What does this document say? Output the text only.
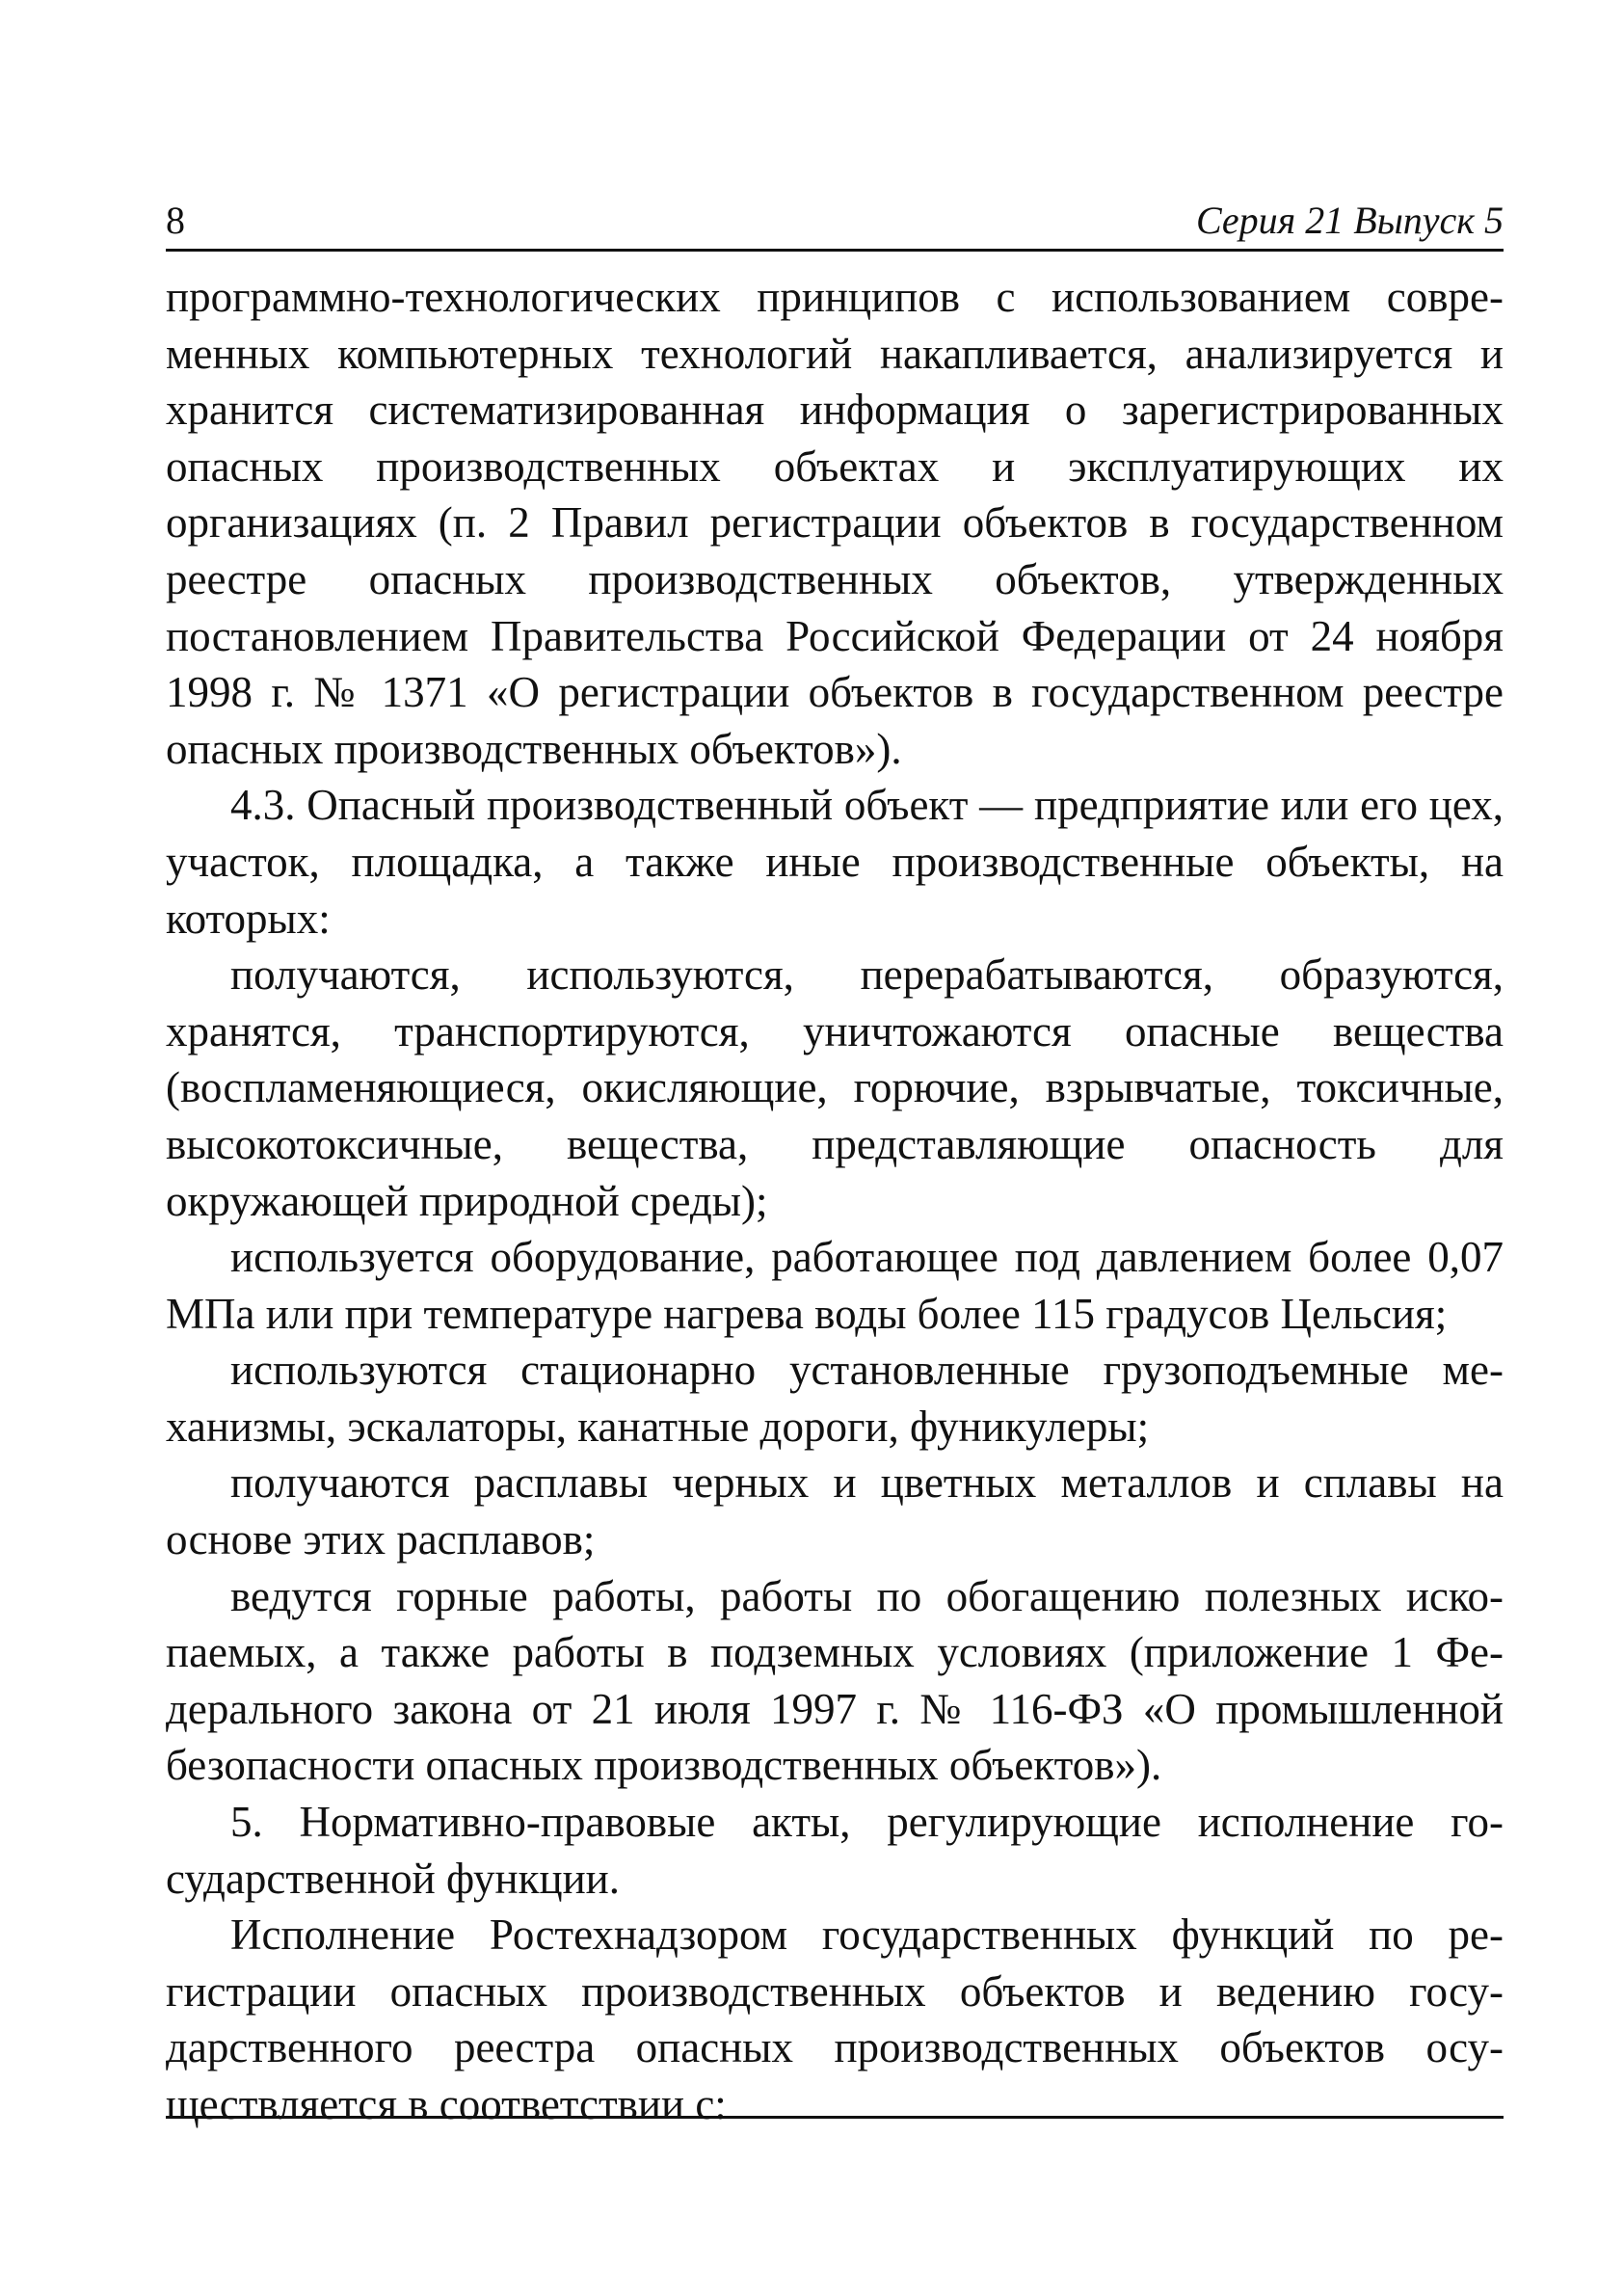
8	Серия 21 Выпуск 5

программно-технологических принципов с использованием современных компьютерных технологий накапливается, анализируется и хранится систематизированная информация о зарегистрированных опасных производственных объектах и эксплуатирующих их организациях (п. 2 Правил регистрации объектов в государственном реестре опасных производственных объектов, утвержденных постановлением Правительства Российской Федерации от 24 ноября 1998 г. № 1371 «О регистрации объектов в государственном реестре опасных производственных объектов»).

4.3. Опасный производственный объект — предприятие или его цех, участок, площадка, а также иные производственные объекты, на которых:

получаются, используются, перерабатываются, образуются, хранятся, транспортируются, уничтожаются опасные вещества (воспламеняющиеся, окисляющие, горючие, взрывчатые, токсичные, высокотоксичные, вещества, представляющие опасность для окружающей природной среды);

используется оборудование, работающее под давлением более 0,07 МПа или при температуре нагрева воды более 115 градусов Цельсия;

используются стационарно установленные грузоподъемные механизмы, эскалаторы, канатные дороги, фуникулеры;

получаются расплавы черных и цветных металлов и сплавы на основе этих расплавов;

ведутся горные работы, работы по обогащению полезных ископаемых, а также работы в подземных условиях (приложение 1 Федерального закона от 21 июля 1997 г. № 116-ФЗ «О промышленной безопасности опасных производственных объектов»).

5. Нормативно-правовые акты, регулирующие исполнение государственной функции.

Исполнение Ростехнадзором государственных функций по регистрации опасных производственных объектов и ведению государственного реестра опасных производственных объектов осуществляется в соответствии с:
